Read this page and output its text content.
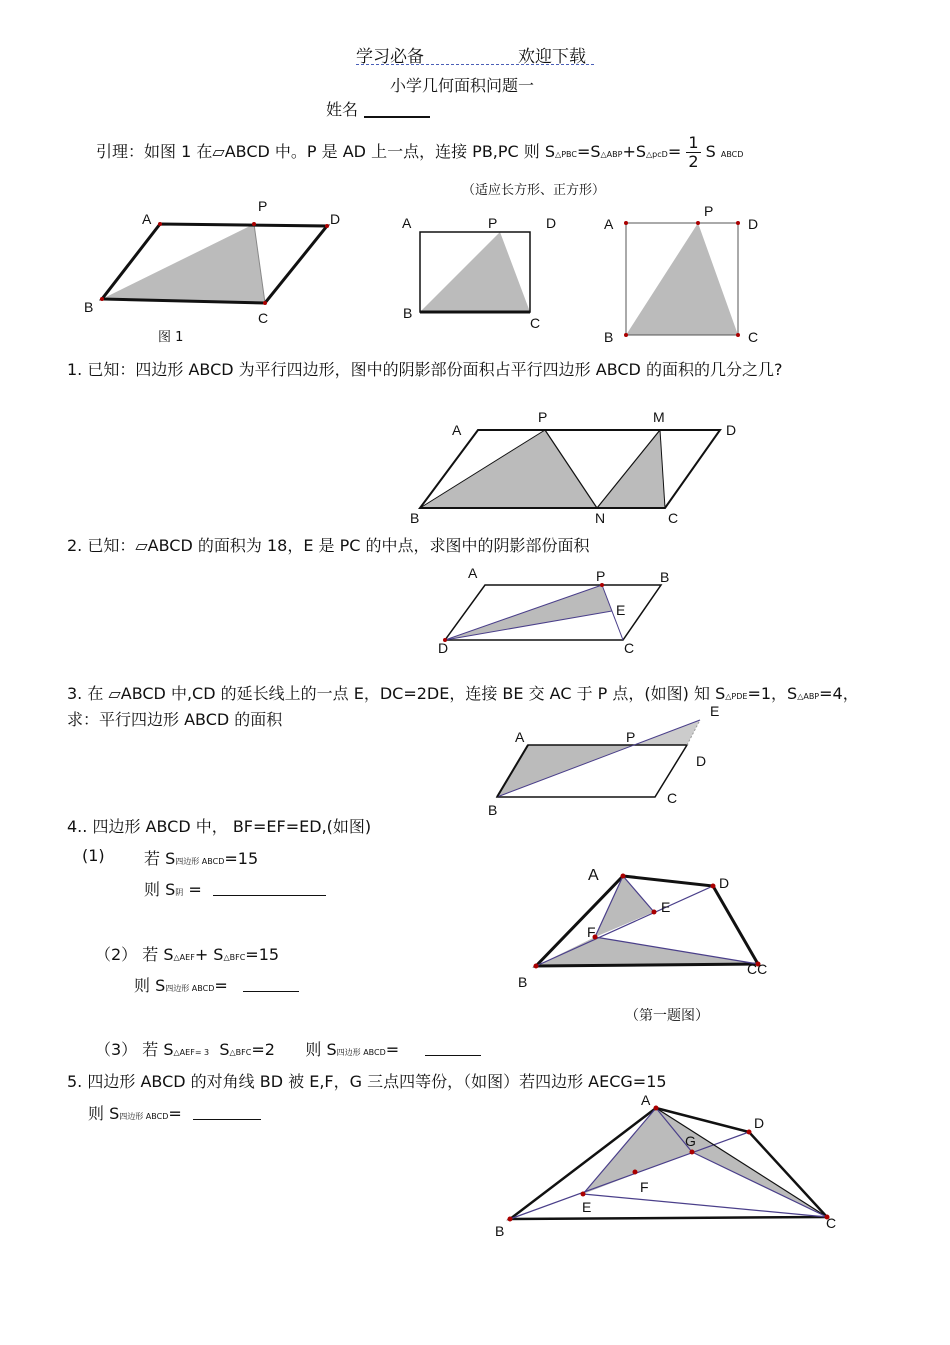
学习必备	欢迎下载
小学几何面积问题一
姓名
引理：如图 1 在▱ABCD 中。P 是 AD 上一点，连接 PB,PC 则 S△PBC=S△ABP+S△pcD= $\frac{1}{2}$ S ABCD
（适应长方形、正方形）
A
P
D
B
C
图 1
A	P	D
B
C
A
P
D
B	C
1. 已知：四边形 ABCD 为平行四边形，图中的阴影部份面积占平行四边形 ABCD 的面积的几分之几?
A
P	M
D
B	N	C
2. 已知：▱ABCD 的面积为 18，E 是 PC 的中点，求图中的阴影部份面积
A	P	B
E
D	C
3. 在 ▱ABCD 中,CD 的延长线上的一点 E，DC=2DE，连接 BE 交 AC 于 P 点，(如图) 知 S△PDE=1，S△ABP=4，
求：平行四边形 ABCD 的面积
A	P
E
D
B
C
4.. 四边形 ABCD 中， BF=EF=ED,(如图)
(1) 若 S四边形 ABCD=15
则 S阴 =
（2） 若 S△AEF+ S△BFC=15
则 S四边形 ABCD=
（3） 若 S△AEF= 3 S△BFC=2 则 S四边形 ABCD=
A	D
E
F
B
CC
（第一题图）
5. 四边形 ABCD 的对角线 BD 被 E,F，G 三点四等份，（如图）若四边形 AECG=15
则 S四边形 ABCD=
A
D
G
F
E
B	C
